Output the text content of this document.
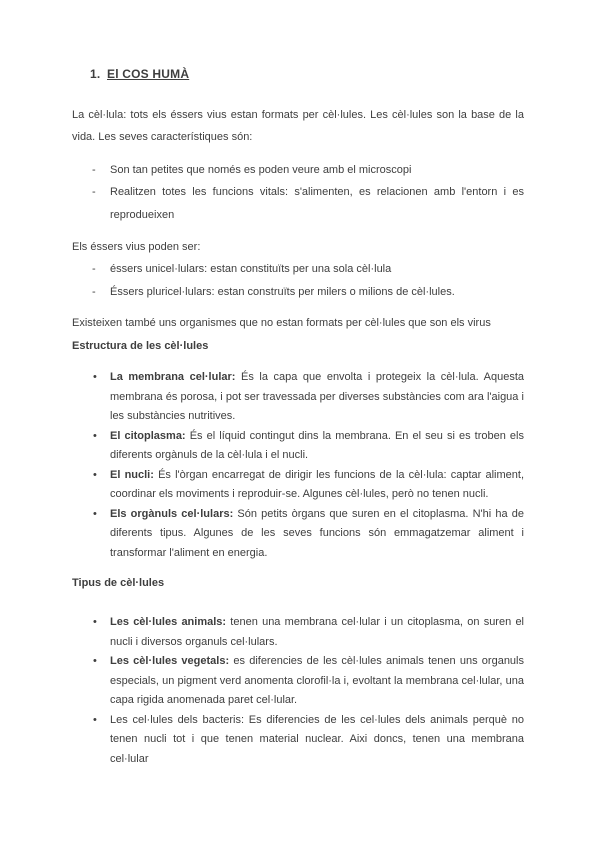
1. El COS HUMÀ

La cèl·lula: tots els éssers vius estan formats per cèl·lules. Les cèl·lules son la base de la vida. Les seves característiques són:

-	Son tan petites que només es poden veure amb el microscopi
-	Realitzen totes les funcions vitals: s'alimenten, es relacionen amb l'entorn i es reprodueixen

Els éssers vius poden ser:

-	éssers unicel·lulars: estan constituïts per una sola cèl·lula
-	Éssers pluricel·lulars: estan construïts per milers o milions de cèl·lules.

Existeixen també uns organismes que no estan formats per cèl·lules que son els virus

Estructura de les cèl·lules

•	La membrana cel·lular: És la capa que envolta i protegeix la cèl·lula. Aquesta membrana és porosa, i pot ser travessada per diverses substàncies com ara l'aigua i les substàncies nutritives.
•	El citoplasma: És el líquid contingut dins la membrana. En el seu si es troben els diferents orgànuls de la cèl·lula i el nucli.
•	El nucli: És l'òrgan encarregat de dirigir les funcions de la cèl·lula: captar aliment, coordinar els moviments i reproduir-se. Algunes cèl·lules, però no tenen nucli.
•	Els orgànuls cel·lulars: Són petits òrgans que suren en el citoplasma. N'hi ha de diferents tipus. Algunes de les seves funcions són emmagatzemar aliment i transformar l'aliment en energia.
Tipus de cèl·lules
•	Les cèl·lules animals: tenen una membrana cel·lular i un citoplasma, on suren el nucli i diversos organuls cel·lulars.
•	Les cèl·lules vegetals: es diferencies de les cèl·lules animals tenen uns organuls especials, un pigment verd anomenta clorofil·la i, evoltant la membrana cel·lular, una capa rigida anomenada paret cel·lular.
•	Les cel·lules dels bacteris: Es diferencies de les cel·lules dels animals perquè no tenen nucli tot i que tenen material nuclear. Aixi doncs, tenen una membrana cel·lular
